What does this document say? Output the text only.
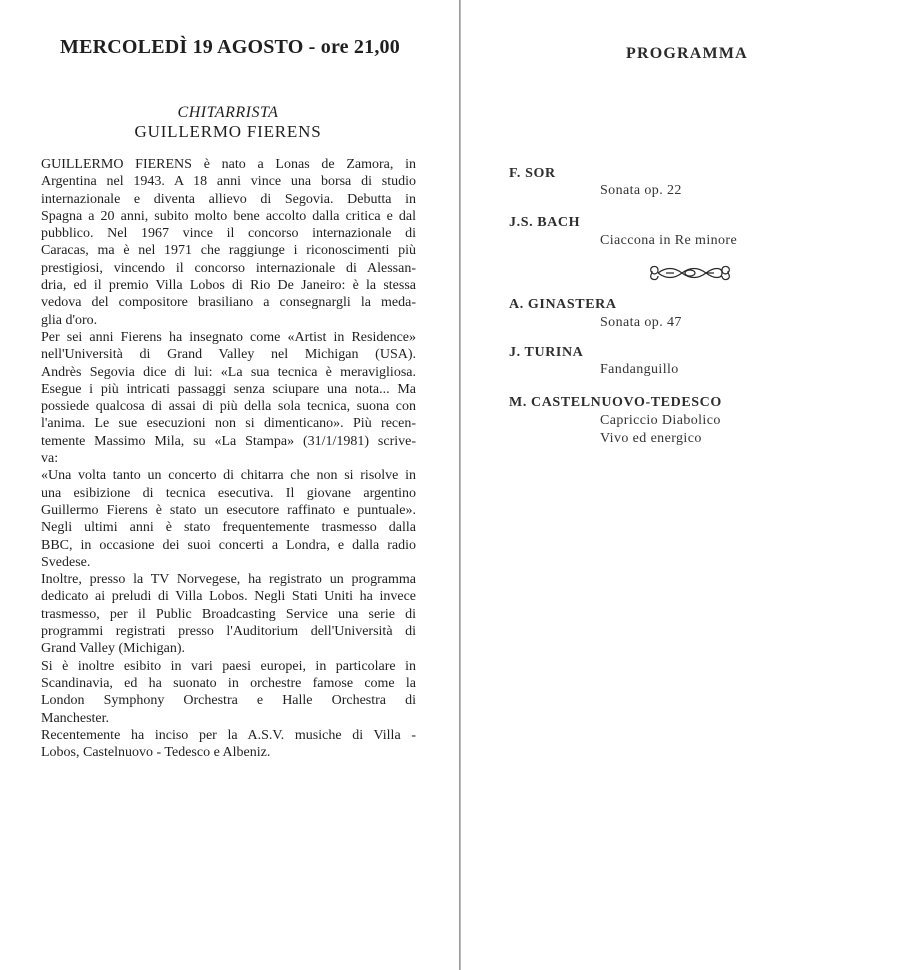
MERCOLEDÌ 19 AGOSTO - ore 21,00
CHITARRISTA
GUILLERMO FIERENS
GUILLERMO FIERENS è nato a Lonas de Zamora, in
Argentina nel 1943. A 18 anni vince una borsa di studio
internazionale e diventa allievo di Segovia. Debutta in
Spagna a 20 anni, subito molto bene accolto dalla critica e dal
pubblico. Nel 1967 vince il concorso internazionale di
Caracas, ma è nel 1971 che raggiunge i riconoscimenti più
prestigiosi, vincendo il concorso internazionale di Alessan-
dria, ed il premio Villa Lobos di Rio De Janeiro: è la stessa
vedova del compositore brasiliano a consegnargli la meda-
glia d'oro.
Per sei anni Fierens ha insegnato come «Artist in Residence»
nell'Università di Grand Valley nel Michigan (USA).
Andrès Segovia dice di lui: «La sua tecnica è meravigliosa.
Esegue i più intricati passaggi senza sciupare una nota... Ma
possiede qualcosa di assai di più della sola tecnica, suona con
l'anima. Le sue esecuzioni non si dimenticano». Più recen-
temente Massimo Mila, su «La Stampa» (31/1/1981) scrive-
va:
«Una volta tanto un concerto di chitarra che non si risolve in
una esibizione di tecnica esecutiva. Il giovane argentino
Guillermo Fierens è stato un esecutore raffinato e puntuale».
Negli ultimi anni è stato frequentemente trasmesso dalla
BBC, in occasione dei suoi concerti a Londra, e dalla radio
Svedese.
Inoltre, presso la TV Norvegese, ha registrato un programma
dedicato ai preludi di Villa Lobos. Negli Stati Uniti ha invece
trasmesso, per il Public Broadcasting Service una serie di
programmi registrati presso l'Auditorium dell'Università di
Grand Valley (Michigan).
Si è inoltre esibito in vari paesi europei, in particolare in
Scandinavia, ed ha suonato in orchestre famose come la
London Symphony Orchestra e Halle Orchestra di
Manchester.
Recentemente ha inciso per la A.S.V. musiche di Villa -
Lobos, Castelnuovo - Tedesco e Albeniz.
PROGRAMMA
F. SOR
Sonata op. 22
J.S. BACH
Ciaccona in Re minore
A. GINASTERA
Sonata op. 47
J. TURINA
Fandanguillo
M. CASTELNUOVO-TEDESCO
Capriccio Diabolico
Vivo ed energico
